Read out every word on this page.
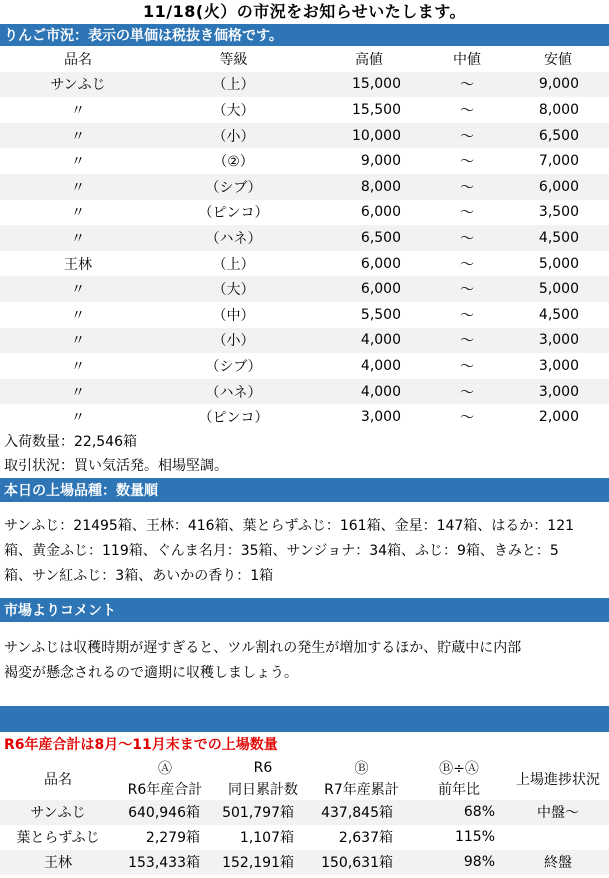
11/18(火）の市況をお知らせいたします。
りんご市況：表示の単価は税抜き価格です。
品名	等級	高値	中値	安値
サンふじ	（上）	15,000	～	9,000
〃	（大）	15,500	～	8,000
〃	（小）	10,000	～	6,500
〃	（②）	9,000	～	7,000
〃	（シブ）	8,000	～	6,000
〃	（ピンコ）	6,000	～	3,500
〃	（ハネ）	6,500	～	4,500
王林	（上）	6,000	～	5,000
〃	（大）	6,000	～	5,000
〃	（中）	5,500	～	4,500
〃	（小）	4,000	～	3,000
〃	（シブ）	4,000	～	3,000
〃	（ハネ）	4,000	～	3,000
〃	（ピンコ）	3,000	～	2,000
入荷数量：22,546箱
取引状況：買い気活発。相場堅調。
本日の上場品種：数量順
サンふじ：21495箱、王林：416箱、葉とらずふじ：161箱、金星：147箱、はるか：121
箱、黄金ふじ：119箱、ぐんま名月：35箱、サンジョナ：34箱、ふじ：9箱、きみと：5
箱、サン紅ふじ：3箱、あいかの香り：1箱
市場よりコメント
サンふじは収穫時期が遅すぎると、ツル割れの発生が増加するほか、貯蔵中に内部
褐変が懸念されるので適期に収穫しましょう。
R6年産合計は8月～11月末までの上場数量
	Ⓐ	R6	Ⓑ	Ⓑ÷Ⓐ	上場進捗状況
品名	R6年産合計	同日累計数	R7年産累計	前年比	
サンふじ	640,946箱	501,797箱	437,845箱	68%	中盤～
葉とらずふじ	2,279箱	1,107箱	2,637箱	115%	
王林	153,433箱	152,191箱	150,631箱	98%	終盤
